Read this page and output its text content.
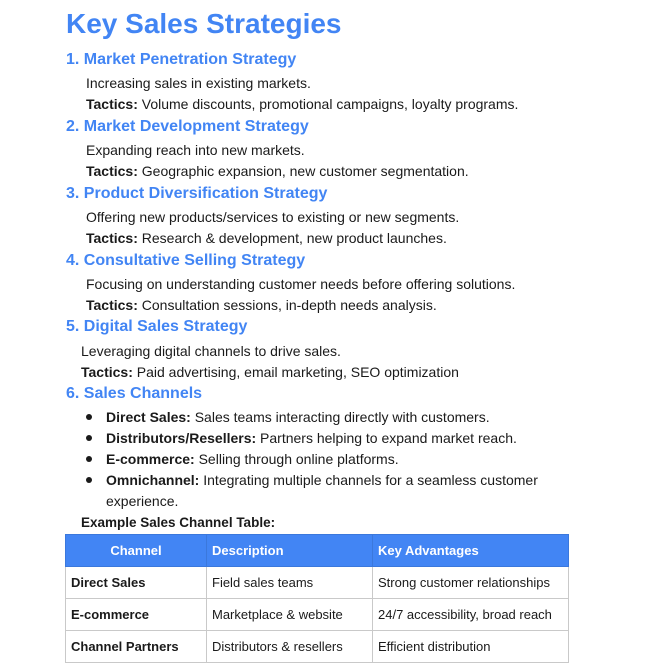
Key Sales Strategies
1. Market Penetration Strategy
Increasing sales in existing markets.
Tactics: Volume discounts, promotional campaigns, loyalty programs.
2. Market Development Strategy
Expanding reach into new markets.
Tactics: Geographic expansion, new customer segmentation.
3. Product Diversification Strategy
Offering new products/services to existing or new segments.
Tactics: Research & development, new product launches.
4. Consultative Selling Strategy
Focusing on understanding customer needs before offering solutions.
Tactics: Consultation sessions, in-depth needs analysis.
5. Digital Sales Strategy
Leveraging digital channels to drive sales.
Tactics: Paid advertising, email marketing, SEO optimization
6. Sales Channels
Direct Sales: Sales teams interacting directly with customers.
Distributors/Resellers: Partners helping to expand market reach.
E-commerce: Selling through online platforms.
Omnichannel: Integrating multiple channels for a seamless customer
experience.
Example Sales Channel Table:
Channel	Description	Key Advantages
Direct Sales	Field sales teams	Strong customer relationships
E-commerce	Marketplace & website	24/7 accessibility, broad reach
Channel Partners	Distributors & resellers	Efficient distribution
